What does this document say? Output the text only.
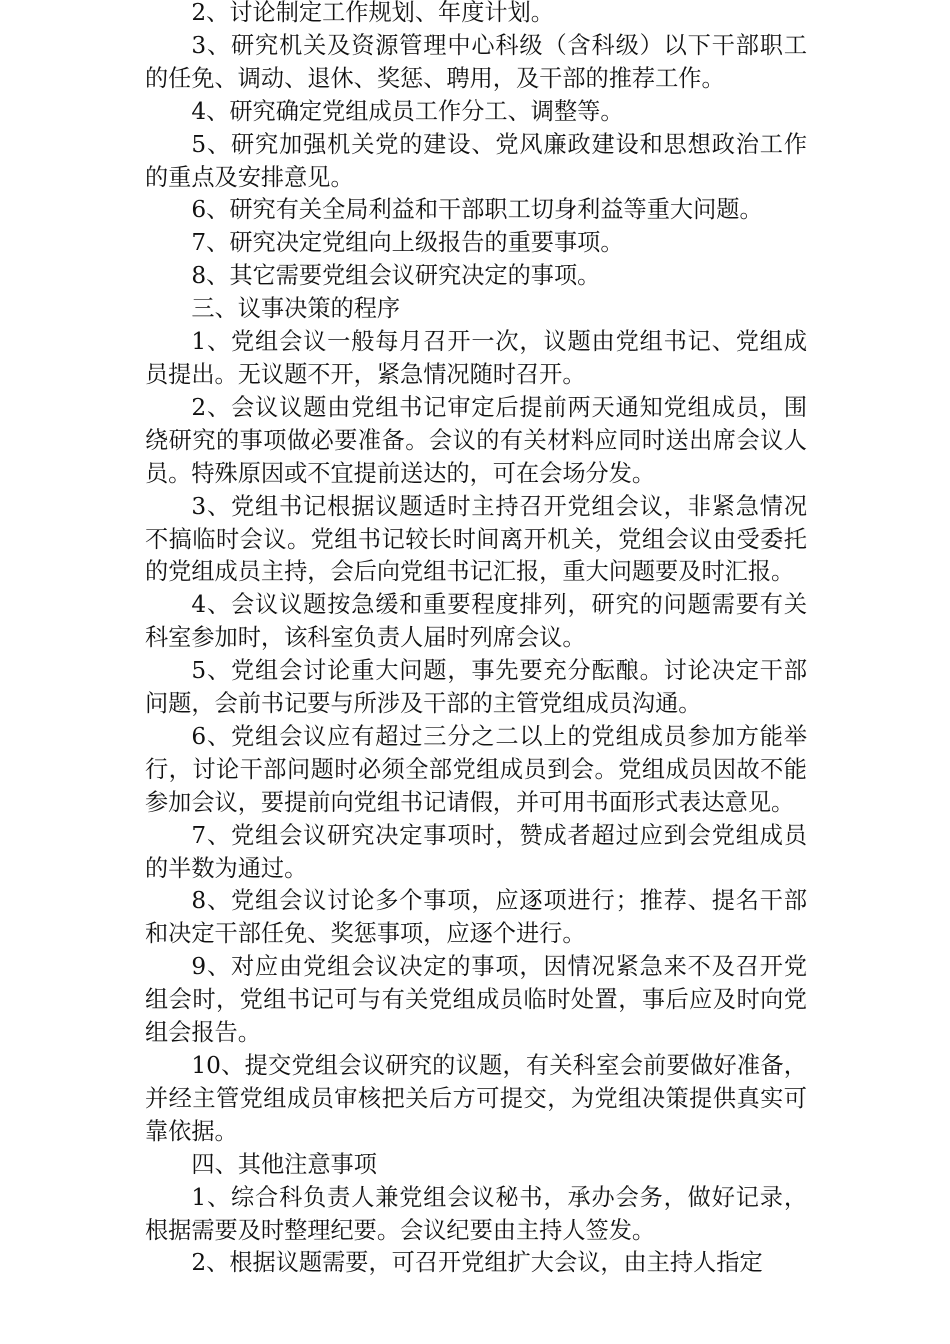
2、讨论制定工作规划、年度计划。

3、研究机关及资源管理中心科级（含科级）以下干部职工的任免、调动、退休、奖惩、聘用，及干部的推荐工作。

4、研究确定党组成员工作分工、调整等。

5、研究加强机关党的建设、党风廉政建设和思想政治工作的重点及安排意见。

6、研究有关全局利益和干部职工切身利益等重大问题。

7、研究决定党组向上级报告的重要事项。

8、其它需要党组会议研究决定的事项。

三、议事决策的程序

1、党组会议一般每月召开一次，议题由党组书记、党组成员提出。无议题不开，紧急情况随时召开。

2、会议议题由党组书记审定后提前两天通知党组成员，围绕研究的事项做必要准备。会议的有关材料应同时送出席会议人员。特殊原因或不宜提前送达的，可在会场分发。

3、党组书记根据议题适时主持召开党组会议，非紧急情况不搞临时会议。党组书记较长时间离开机关，党组会议由受委托的党组成员主持，会后向党组书记汇报，重大问题要及时汇报。

4、会议议题按急缓和重要程度排列，研究的问题需要有关科室参加时，该科室负责人届时列席会议。

5、党组会讨论重大问题，事先要充分酝酿。讨论决定干部问题，会前书记要与所涉及干部的主管党组成员沟通。

6、党组会议应有超过三分之二以上的党组成员参加方能举行，讨论干部问题时必须全部党组成员到会。党组成员因故不能参加会议，要提前向党组书记请假，并可用书面形式表达意见。

7、党组会议研究决定事项时，赞成者超过应到会党组成员的半数为通过。

8、党组会议讨论多个事项，应逐项进行；推荐、提名干部和决定干部任免、奖惩事项，应逐个进行。

9、对应由党组会议决定的事项，因情况紧急来不及召开党组会时，党组书记可与有关党组成员临时处置，事后应及时向党组会报告。

10、提交党组会议研究的议题，有关科室会前要做好准备，并经主管党组成员审核把关后方可提交，为党组决策提供真实可靠依据。

四、其他注意事项

1、综合科负责人兼党组会议秘书，承办会务，做好记录，根据需要及时整理纪要。会议纪要由主持人签发。

2、根据议题需要，可召开党组扩大会议，由主持人指定
